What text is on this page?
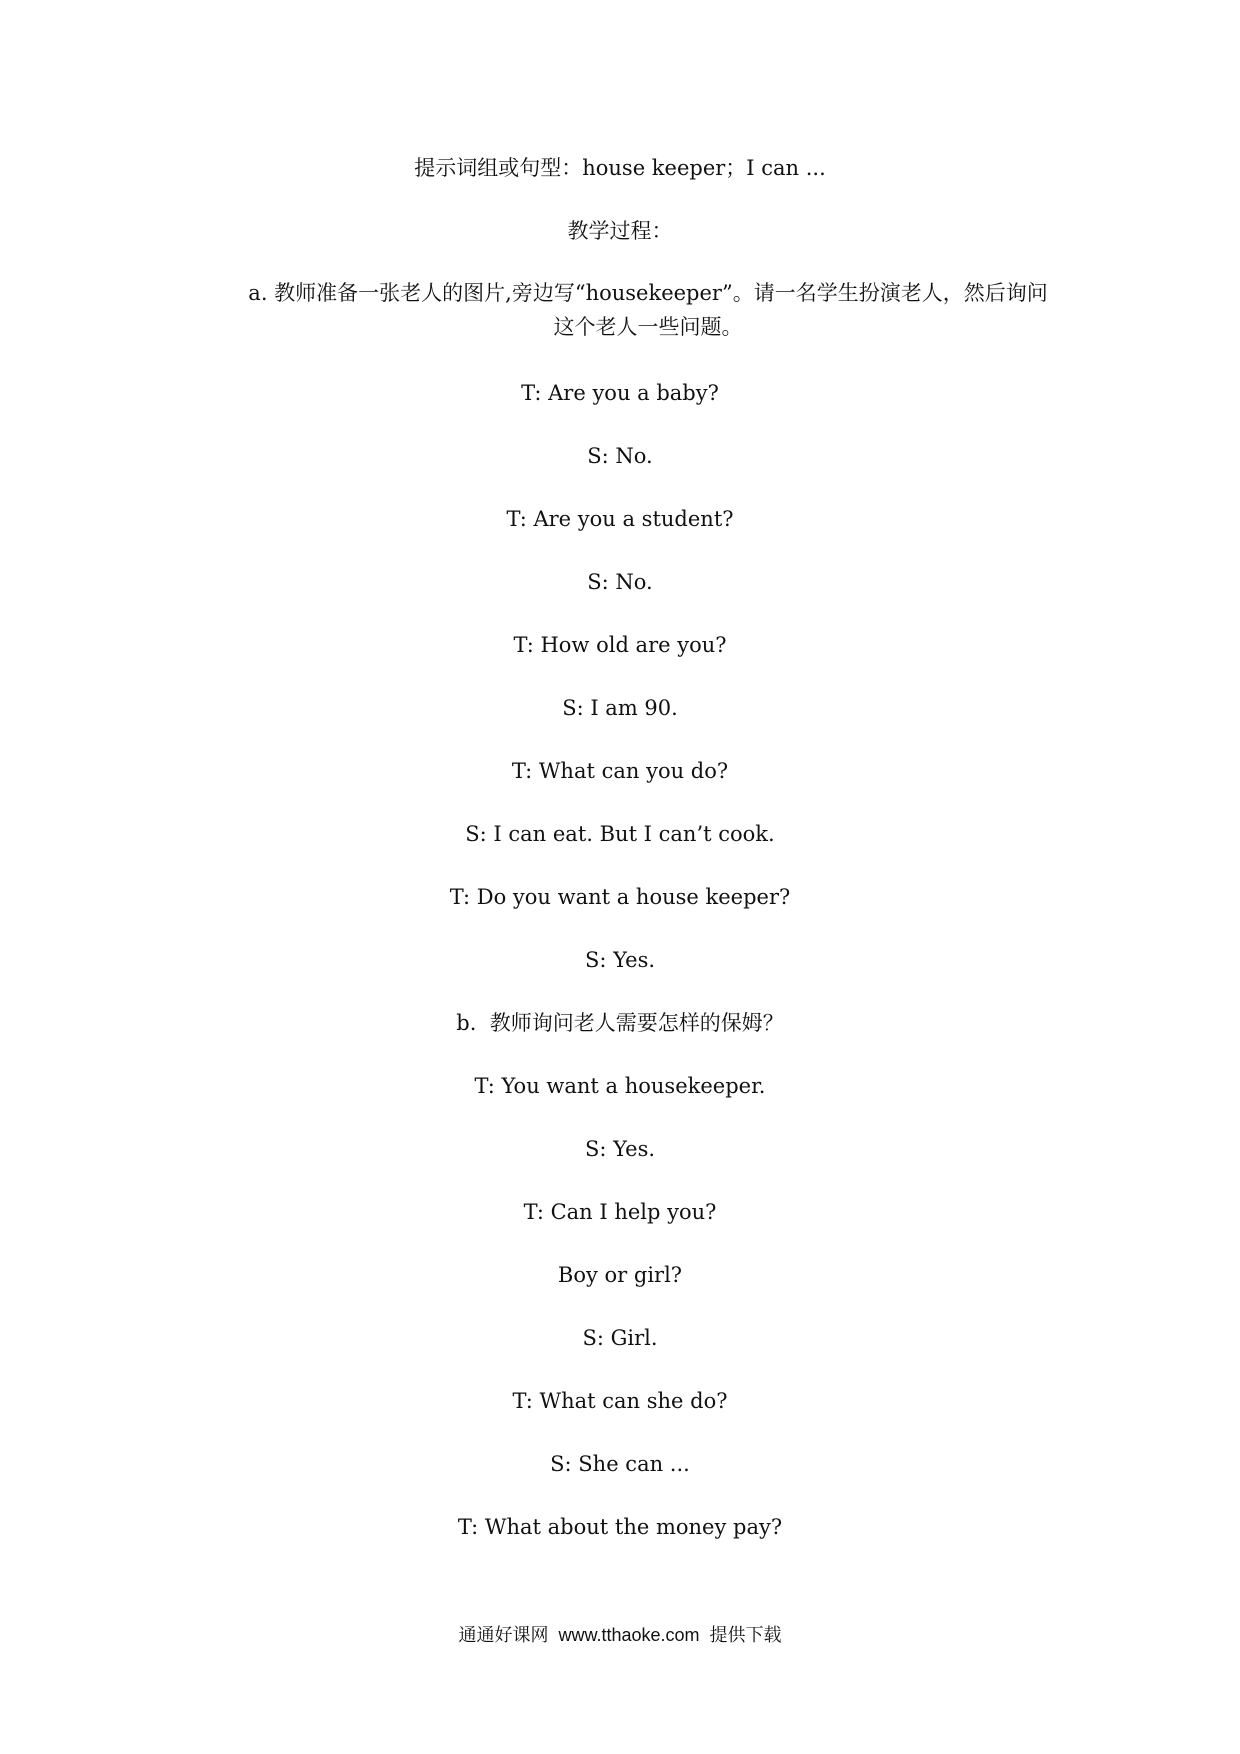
提示词组或句型：house keeper；I can ...
教学过程：
a. 教师准备一张老人的图片,旁边写“housekeeper”。请一名学生扮演老人，然后询问这个老人一些问题。
T: Are you a baby?
S: No.
T: Are you a student?
S: No.
T: How old are you?
S: I am 90.
T: What can you do?
S: I can eat. But I can’t cook.
T: Do you want a house keeper?
S: Yes.
b.  教师询问老人需要怎样的保姆？
T: You want a housekeeper.
S: Yes.
T: Can I help you?
Boy or girl?
S: Girl.
T: What can she do?
S: She can ...
T: What about the money pay?
通通好课网  www.tthaoke.com  提供下载
